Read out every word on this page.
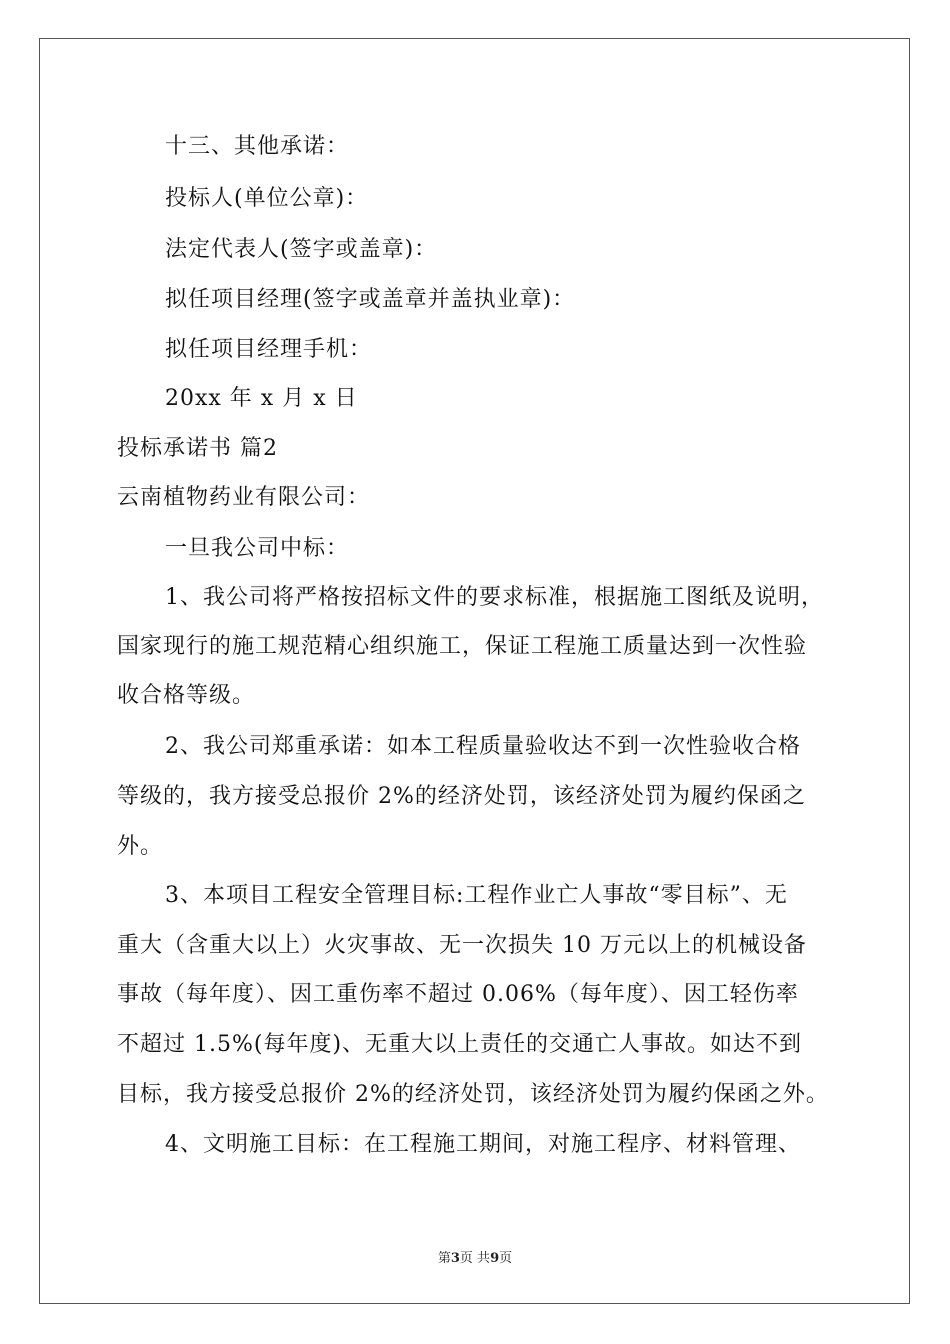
十三、其他承诺：
投标人(单位公章)：
法定代表人(签字或盖章)：
拟任项目经理(签字或盖章并盖执业章)：
拟任项目经理手机：
20xx 年 x 月 x 日
投标承诺书 篇2
云南植物药业有限公司：
一旦我公司中标：
1、我公司将严格按招标文件的要求标准，根据施工图纸及说明，
国家现行的施工规范精心组织施工，保证工程施工质量达到一次性验
收合格等级。
2、我公司郑重承诺：如本工程质量验收达不到一次性验收合格
等级的，我方接受总报价 2%的经济处罚，该经济处罚为履约保函之
外。
3、本项目工程安全管理目标:工程作业亡人事故“零目标”、无
重大（含重大以上）火灾事故、无一次损失 10 万元以上的机械设备
事故（每年度）、因工重伤率不超过 0.06%（每年度）、因工轻伤率
不超过 1.5%(每年度)、无重大以上责任的交通亡人事故。如达不到
目标，我方接受总报价 2%的经济处罚，该经济处罚为履约保函之外。
4、文明施工目标：在工程施工期间，对施工程序、材料管理、
第3页 共9页
